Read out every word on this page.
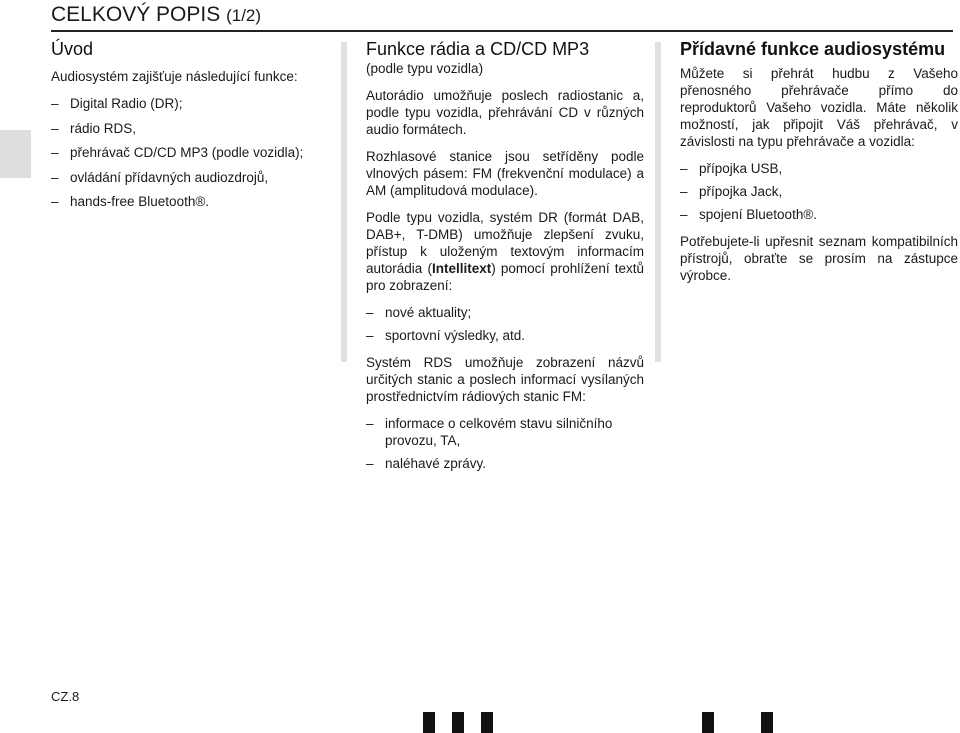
CELKOVÝ POPIS (1/2)
Úvod

Audiosystém zajišťuje následující funkce:

– Digital Radio (DR);
– rádio RDS,
– přehrávač CD/CD MP3 (podle vozidla);
– ovládání přídavných audiozdrojů,
– hands-free Bluetooth®.
Funkce rádia a CD/CD MP3
(podle typu vozidla)

Autorádio umožňuje poslech radiostanic a, podle typu vozidla, přehrávání CD v různých audio formátech.

Rozhlasové stanice jsou setříděny podle vlnových pásem: FM (frekvenční modulace) a AM (amplitudová modulace).

Podle typu vozidla, systém DR (formát DAB, DAB+, T-DMB) umožňuje zlepšení zvuku, přístup k uloženým textovým informacím autorádia (Intellitext) pomocí prohlížení textů pro zobrazení:

– nové aktuality;
– sportovní výsledky, atd.

Systém RDS umožňuje zobrazení názvů určitých stanic a poslech informací vysílaných prostřednictvím rádiových stanic FM:

– informace o celkovém stavu silničního provozu, TA,
– naléhavé zprávy.
Přídavné funkce audiosystému

Můžete si přehrát hudbu z Vašeho přenosného přehrávače přímo do reproduktorů Vašeho vozidla. Máte několik možností, jak připojit Váš přehrávač, v závislosti na typu přehrávače a vozidla:

– přípojka USB,
– přípojka Jack,
– spojení Bluetooth®.

Potřebujete-li upřesnit seznam kompatibilních přístrojů, obraťte se prosím na zástupce výrobce.

CZ.8
